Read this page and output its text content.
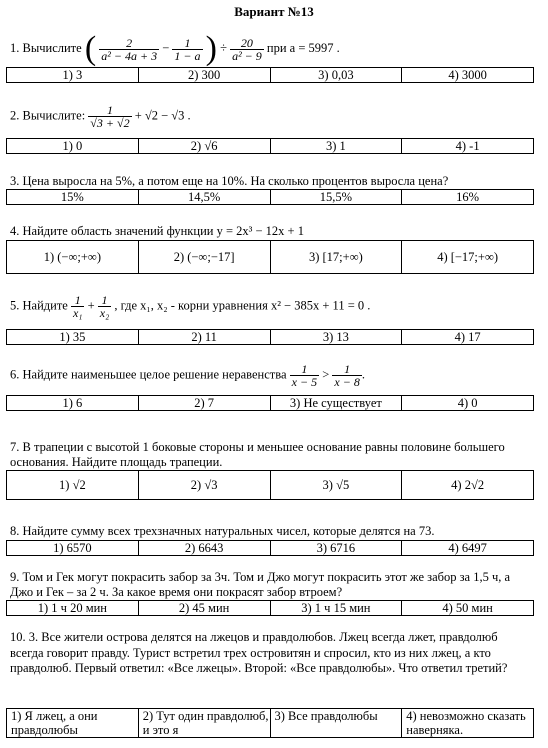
Вариант №13
1. Вычислите ( $\frac{2}{\text{a² − 4a + 3}} - \frac{1}{1 - a}$ ) ÷ $\frac{20}{\text{a² − 9}}$ при a = 5997 .
1) 3	2) 300	3) 0,03	4) 3000
2. Вычислите: $\frac{1}{√3 + √2} + √2 - √3$ .
1) 0	2) √6	3) 1	4) -1
3. Цена выросла на 5%, а потом еще на 10%. На сколько процентов выросла цена?
15%	14,5%	15,5%	16%
4. Найдите область значений функции y = 2x³ − 12x + 1
1) (−∞;+∞)	2) (−∞;−17]	3) [17;+∞)	4) [−17;+∞)
5. Найдите $\frac{1}{\text{x₁}} + \frac{1}{\text{x₂}}$ , где x₁, x₂ - корни уравнения x² − 385x + 11 = 0 .
1) 35	2) 11	3) 13	4) 17
6. Найдите наименьшее целое решение неравенства $\frac{1}{x - 5} > \frac{1}{x - 8}$ .
1) 6	2) 7	3) Не существует	4) 0
7. В трапеции с высотой 1 боковые стороны и меньшее основание равны половине большего основания. Найдите площадь трапеции.
1) √2	2) √3	3) √5	4) 2√2
8. Найдите сумму всех трехзначных натуральных чисел, которые делятся на 73.
1) 6570	2) 6643	3) 6716	4) 6497
9. Том и Гек могут покрасить забор за 3ч. Том и Джо могут покрасить этот же забор за 1,5 ч, а Джо и Гек – за 2 ч. За какое время они покрасят забор втроем?
1) 1 ч 20 мин	2) 45 мин	3) 1 ч 15 мин	4) 50 мин
10. 3. Все жители острова делятся на лжецов и правдолюбов. Лжец всегда лжет, правдолюб всегда говорит правду. Турист встретил трех островитян и спросил, кто из них лжец, а кто правдолюб. Первый ответил: «Все лжецы». Второй: «Все правдолюбы». Что ответил третий?
1) Я лжец, а они правдолюбы	2) Тут один правдолюб, и это я	3) Все правдолюбы	4) невозможно сказать наверняка.
